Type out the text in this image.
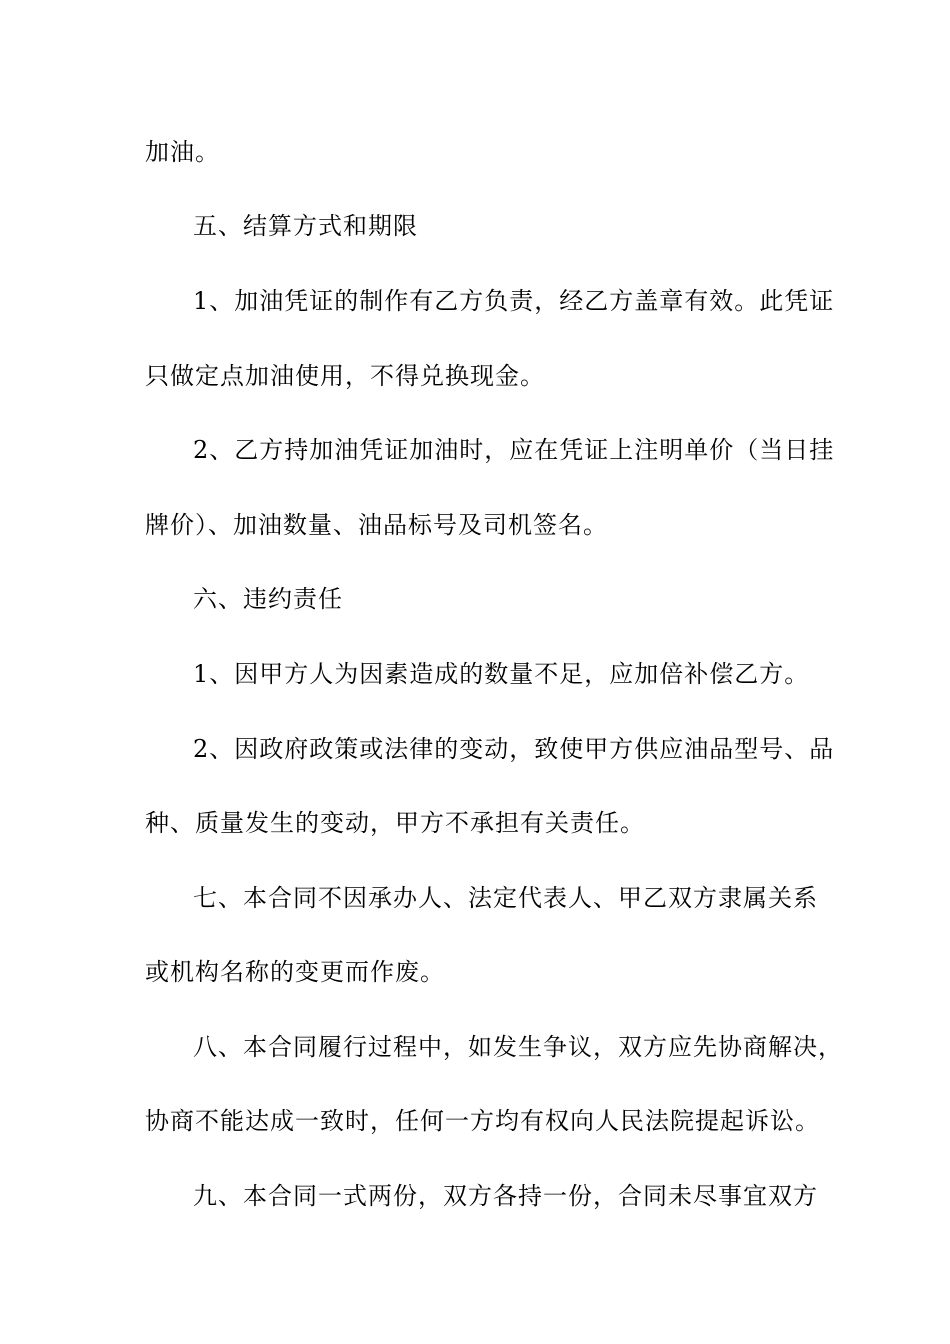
加油。
五、结算方式和期限
1、加油凭证的制作有乙方负责，经乙方盖章有效。此凭证
只做定点加油使用，不得兑换现金。
2、乙方持加油凭证加油时，应在凭证上注明单价（当日挂
牌价）、加油数量、油品标号及司机签名。
六、违约责任
1、因甲方人为因素造成的数量不足，应加倍补偿乙方。
2、因政府政策或法律的变动，致使甲方供应油品型号、品
种、质量发生的变动，甲方不承担有关责任。
七、本合同不因承办人、法定代表人、甲乙双方隶属关系
或机构名称的变更而作废。
八、本合同履行过程中，如发生争议，双方应先协商解决，
协商不能达成一致时，任何一方均有权向人民法院提起诉讼。
九、本合同一式两份，双方各持一份，合同未尽事宜双方
